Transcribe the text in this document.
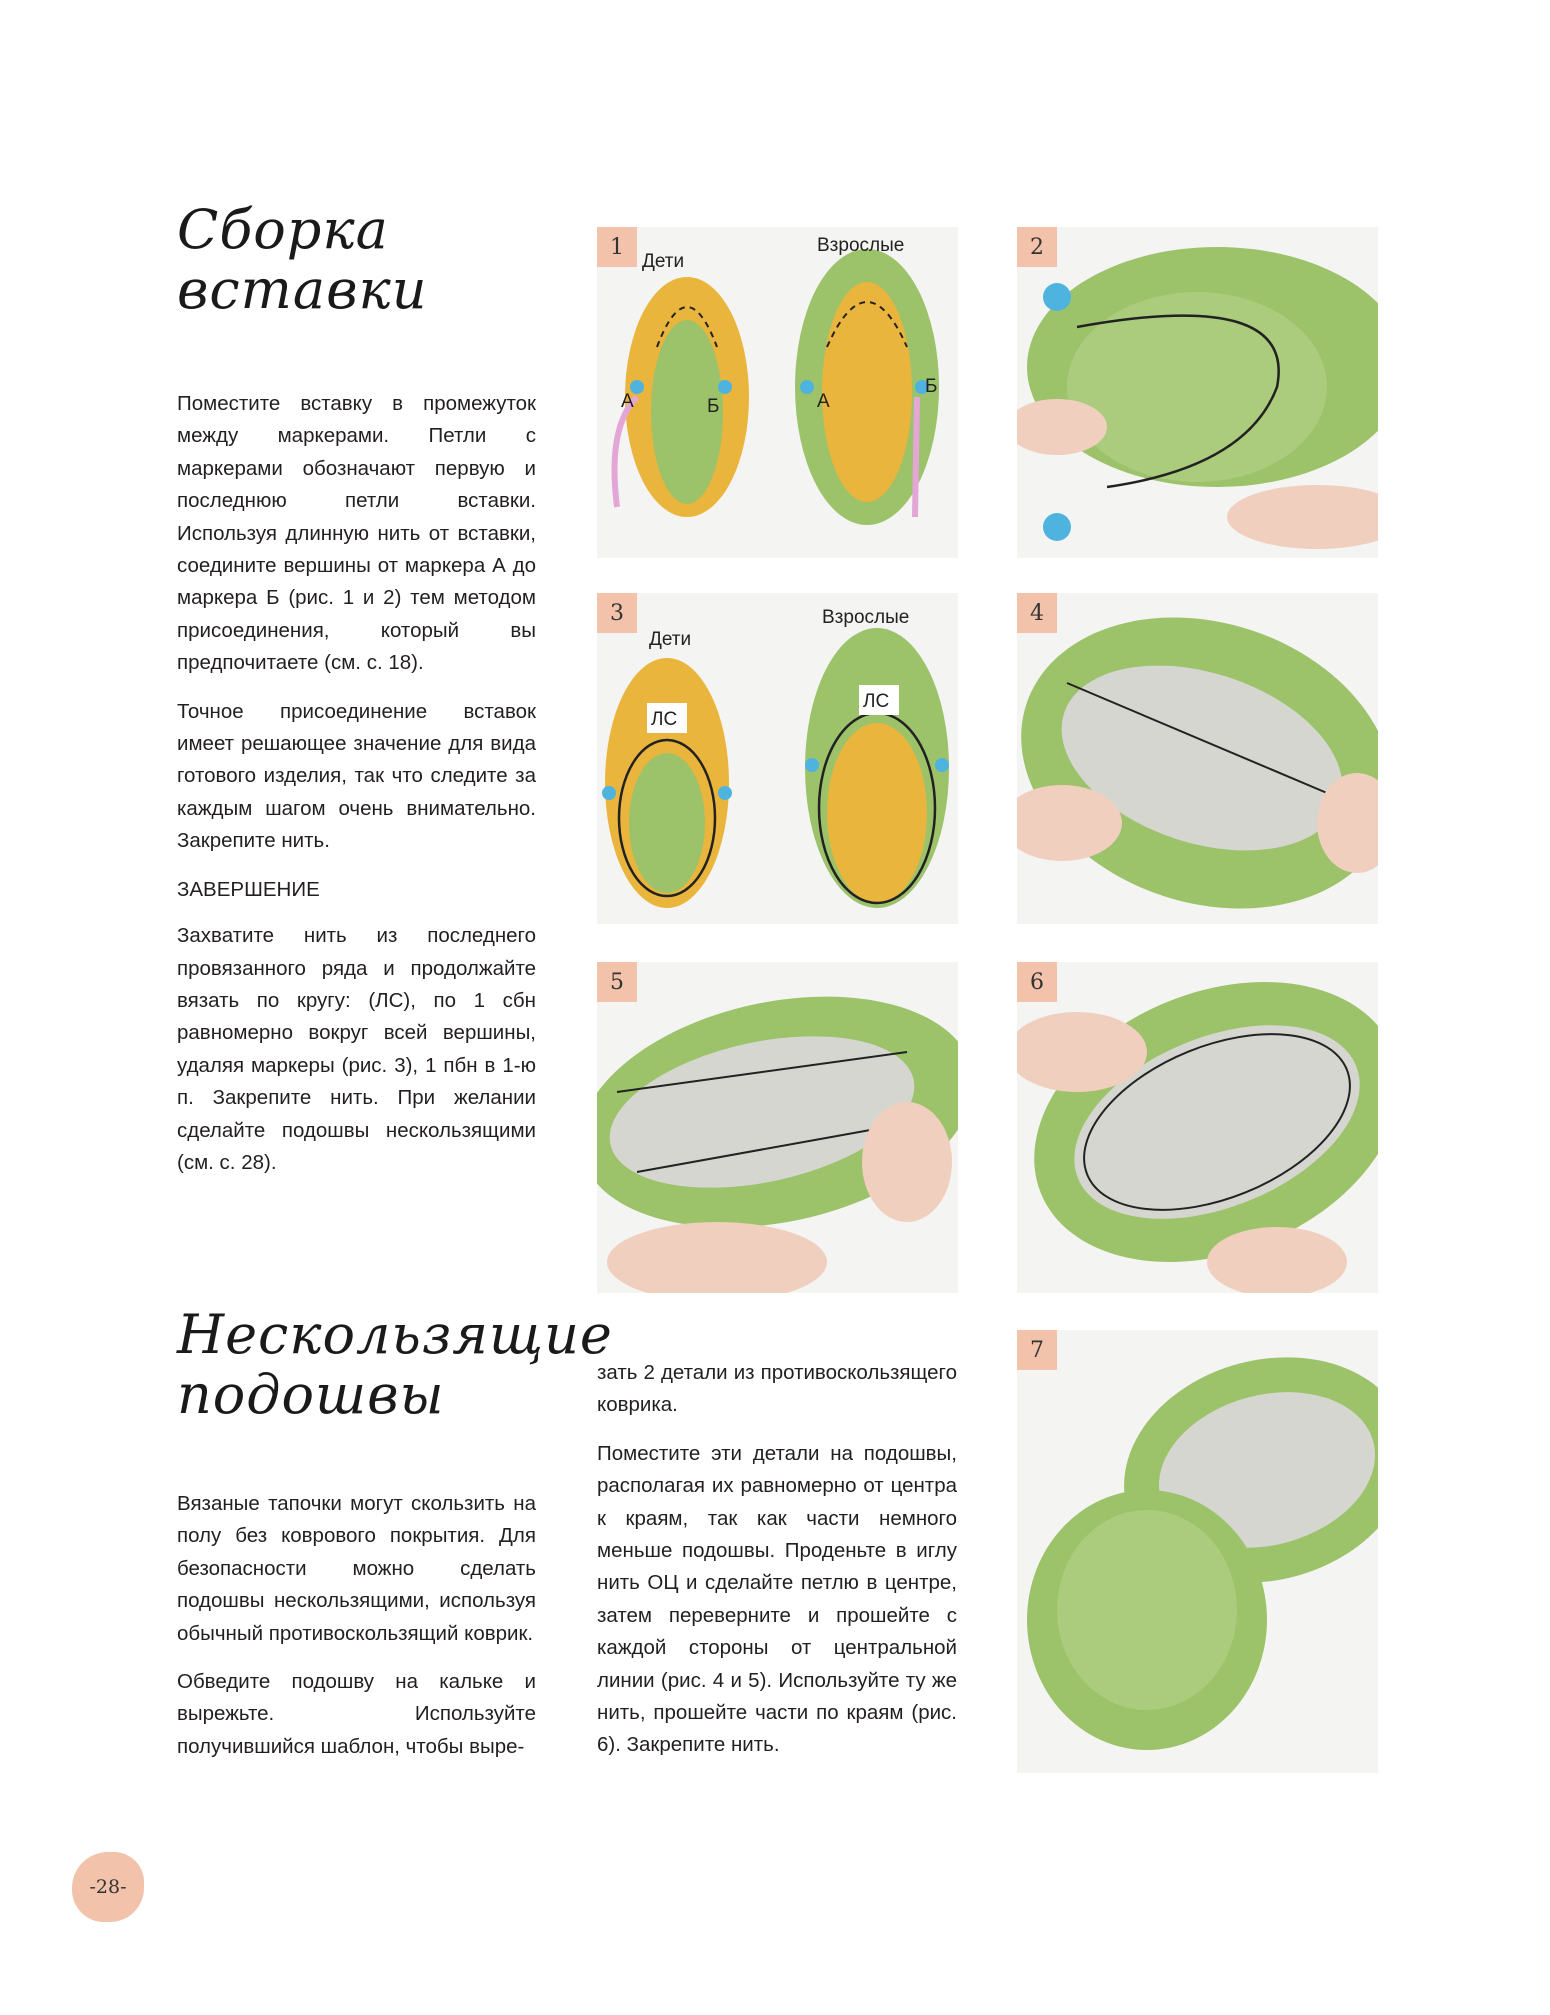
Сборка
вставки

Поместите вставку в промежуток между маркерами. Петли с маркерами обозначают первую и последнюю петли вставки. Используя длинную нить от вставки, соедините вершины от маркера А до маркера Б (рис. 1 и 2) тем методом присоединения, который вы предпочитаете (см. с. 18).

Точное присоединение вставок имеет решающее значение для вида готового изделия, так что следите за каждым шагом очень внимательно. Закрепите нить.

ЗАВЕРШЕНИЕ

Захватите нить из последнего провязанного ряда и продолжайте вязать по кругу: (ЛС), по 1 сбн равномерно вокруг всей вершины, удаляя маркеры (рис. 3), 1 пбн в 1-ю п. Закрепите нить. При желании сделайте подошвы нескользящими (см. с. 28).

Нескользящие
подошвы

Вязаные тапочки могут скользить на полу без коврового покрытия. Для безопасности можно сделать подошвы нескользящими, используя обычный противоскользящий коврик.

Обведите подошву на кальке и вырежьте. Используйте получившийся шаблон, чтобы выре-

зать 2 детали из противоскользящего коврика.

Поместите эти детали на подошвы, располагая их равномерно от центра к краям, так как части немного меньше подошвы. Проденьте в иглу нить ОЦ и сделайте петлю в центре, затем переверните и прошейте с каждой стороны от центральной линии (рис. 4 и 5). Используйте ту же нить, прошейте части по краям (рис. 6). Закрепите нить.

Дети
Взрослые
А	Б	А
Б
1	2
ЛС
ЛС
Дети
Взрослые
3	4
5	6
7
-28-
